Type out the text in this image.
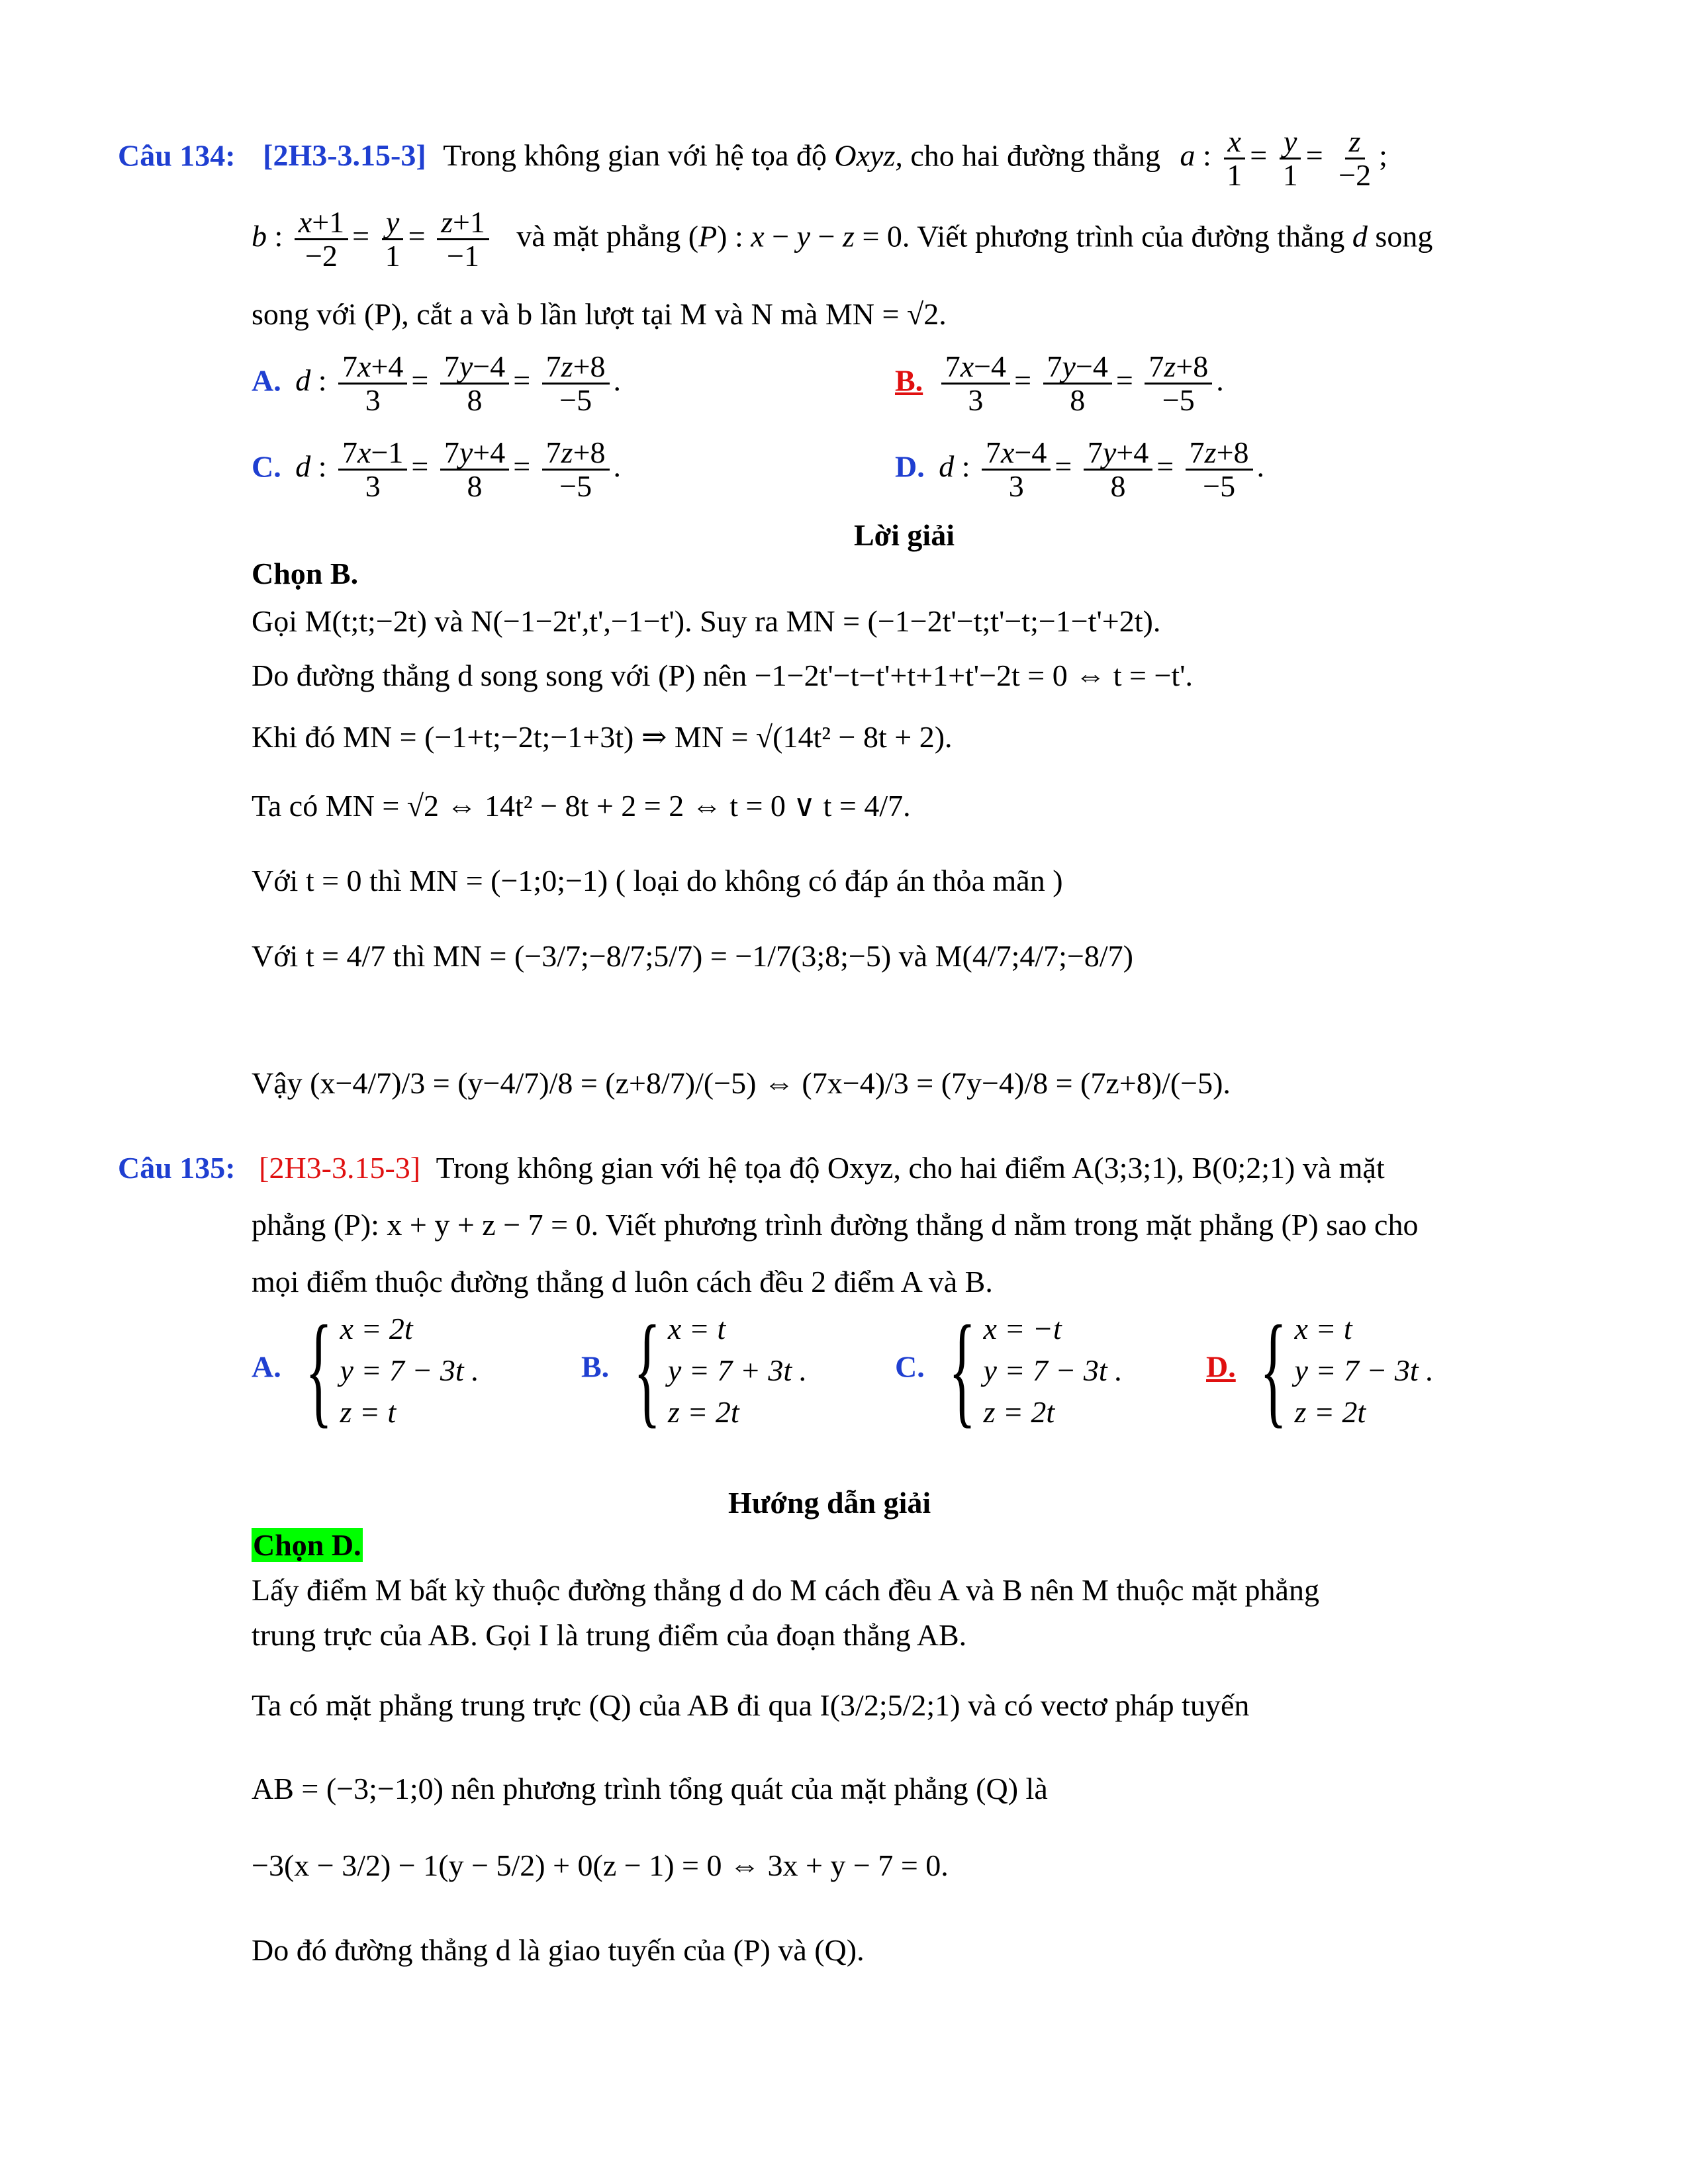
Câu 134: [2H3-3.15-3] Trong không gian với hệ tọa độ Oxyz, cho hai đường thẳng a : $\frac{x}{1} = \frac{y}{1} = \frac{z}{-2}$ ;
b : $\frac{x+1}{-2} = \frac{y}{1} = \frac{z+1}{-1}$ và mặt phẳng (P) : x − y − z = 0. Viết phương trình của đường thẳng d song
song với (P), cắt a và b lần lượt tại M và N mà MN = √2.
A. d : $\frac{7x+4}{3} = \frac{7y-4}{8} = \frac{7z+8}{-5}$ .	B. $\frac{7x-4}{3} = \frac{7y-4}{8} = \frac{7z+8}{-5}$ .
C. d : $\frac{7x-1}{3} = \frac{7y+4}{8} = \frac{7z+8}{-5}$ .	D. d : $\frac{7x-4}{3} = \frac{7y+4}{8} = \frac{7z+8}{-5}$ .
Lời giải
Chọn B.
Gọi M(t;t;−2t) và N(−1−2t',t',−1−t'). Suy ra MN = (−1−2t'−t;t'−t;−1−t'+2t).
Do đường thẳng d song song với (P) nên −1−2t'−t−t'+t+1+t'−2t = 0 ⇔ t = −t'.
Khi đó MN = (−1+t;−2t;−1+3t) ⇒ MN = √(14t² − 8t + 2).
Ta có MN = √2 ⇔ 14t² − 8t + 2 = 2 ⇔ t = 0 ∨ t = 4/7.
Với t = 0 thì MN = (−1;0;−1) ( loại do không có đáp án thỏa mãn )
Với t = 4/7 thì MN = (−3/7;−8/7;5/7) = −1/7(3;8;−5) và M(4/7;4/7;−8/7)
Vậy (x−4/7)/3 = (y−4/7)/8 = (z+8/7)/(−5) ⇔ (7x−4)/3 = (7y−4)/8 = (7z+8)/(−5).
Câu 135: [2H3-3.15-3] Trong không gian với hệ tọa độ Oxyz, cho hai điểm A(3;3;1), B(0;2;1) và mặt
phẳng (P): x + y + z − 7 = 0. Viết phương trình đường thẳng d nằm trong mặt phẳng (P) sao cho
mọi điểm thuộc đường thẳng d luôn cách đều 2 điểm A và B.
A. { x = 2t
y = 7 − 3t .
z = t
B. { x = t
y = 7 + 3t .
z = 2t
C. { x = −t
y = 7 − 3t .
z = 2t
D. { x = t
y = 7 − 3t .
z = 2t
Hướng dẫn giải
Chọn D.
Lấy điểm M bất kỳ thuộc đường thẳng d do M cách đều A và B nên M thuộc mặt phẳng
trung trực của AB. Gọi I là trung điểm của đoạn thẳng AB.
Ta có mặt phẳng trung trực (Q) của AB đi qua I(3/2;5/2;1) và có vectơ pháp tuyến
AB = (−3;−1;0) nên phương trình tổng quát của mặt phẳng (Q) là
−3(x − 3/2) − 1(y − 5/2) + 0(z − 1) = 0 ⇔ 3x + y − 7 = 0.
Do đó đường thẳng d là giao tuyến của (P) và (Q).
